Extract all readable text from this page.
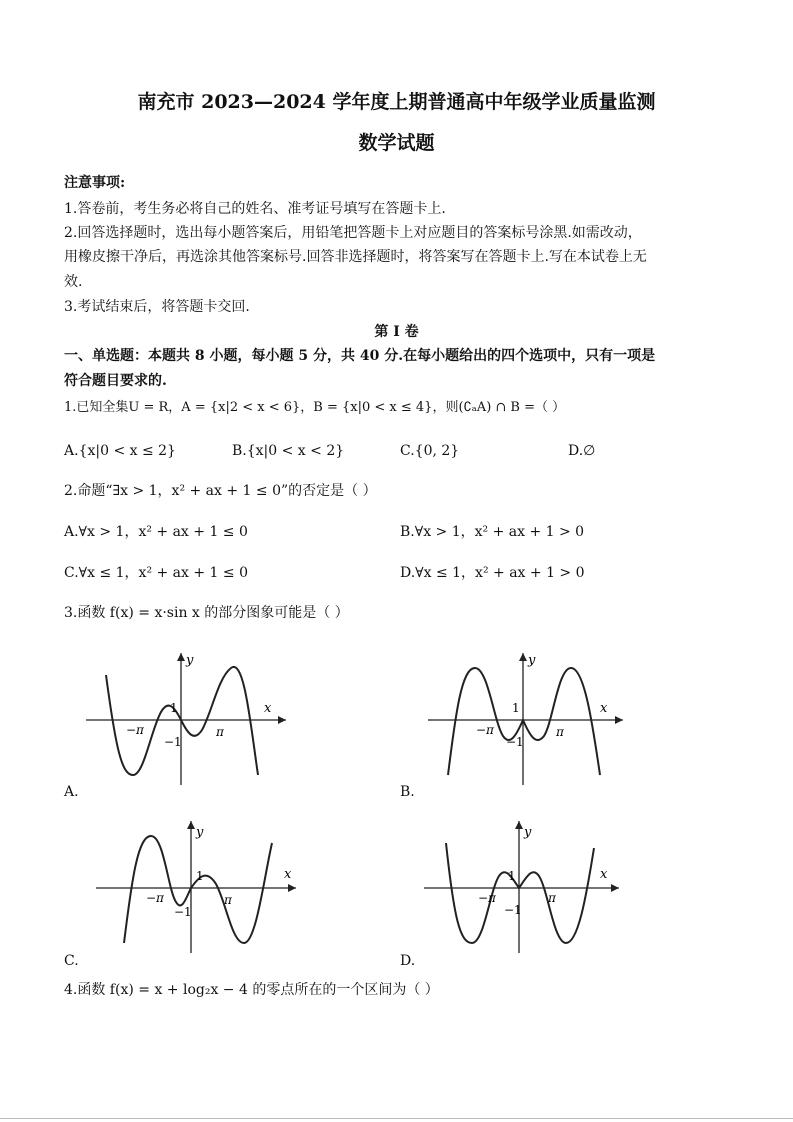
南充市 2023—2024 学年度上期普通高中年级学业质量监测
数学试题
注意事项:
1.答卷前，考生务必将自己的姓名、准考证号填写在答题卡上.
2.回答选择题时，选出每小题答案后，用铅笔把答题卡上对应题目的答案标号涂黑.如需改动，
用橡皮擦干净后，再选涂其他答案标号.回答非选择题时，将答案写在答题卡上.写在本试卷上无
效.
3.考试结束后，将答题卡交回.
第 I 卷
一、单选题：本题共 8 小题，每小题 5 分，共 40 分.在每小题给出的四个选项中，只有一项是
符合题目要求的.
1.已知全集U = R，A = {x|2 < x < 6}，B = {x|0 < x ≤ 4}，则(∁ₐA) ∩ B =（ ）
A.{x|0 < x ≤ 2}	B.{x|0 < x < 2}	C.{0, 2}	D.∅
2.命题“∃x > 1，x² + ax + 1 ≤ 0”的否定是（ ）
A.∀x > 1，x² + ax + 1 ≤ 0	B.∀x > 1，x² + ax + 1 > 0
C.∀x ≤ 1，x² + ax + 1 ≤ 0	D.∀x ≤ 1，x² + ax + 1 > 0
3.函数 f(x) = x·sin x 的部分图象可能是（ ）
y
x
1
−1
π
−π
A.
y
x
1
−1
π
−π
B.
y
x
1
−1
π
−π
C.
y
x
1
−1
π
−π
D.
4.函数 f(x) = x + log₂x − 4 的零点所在的一个区间为（ ）
